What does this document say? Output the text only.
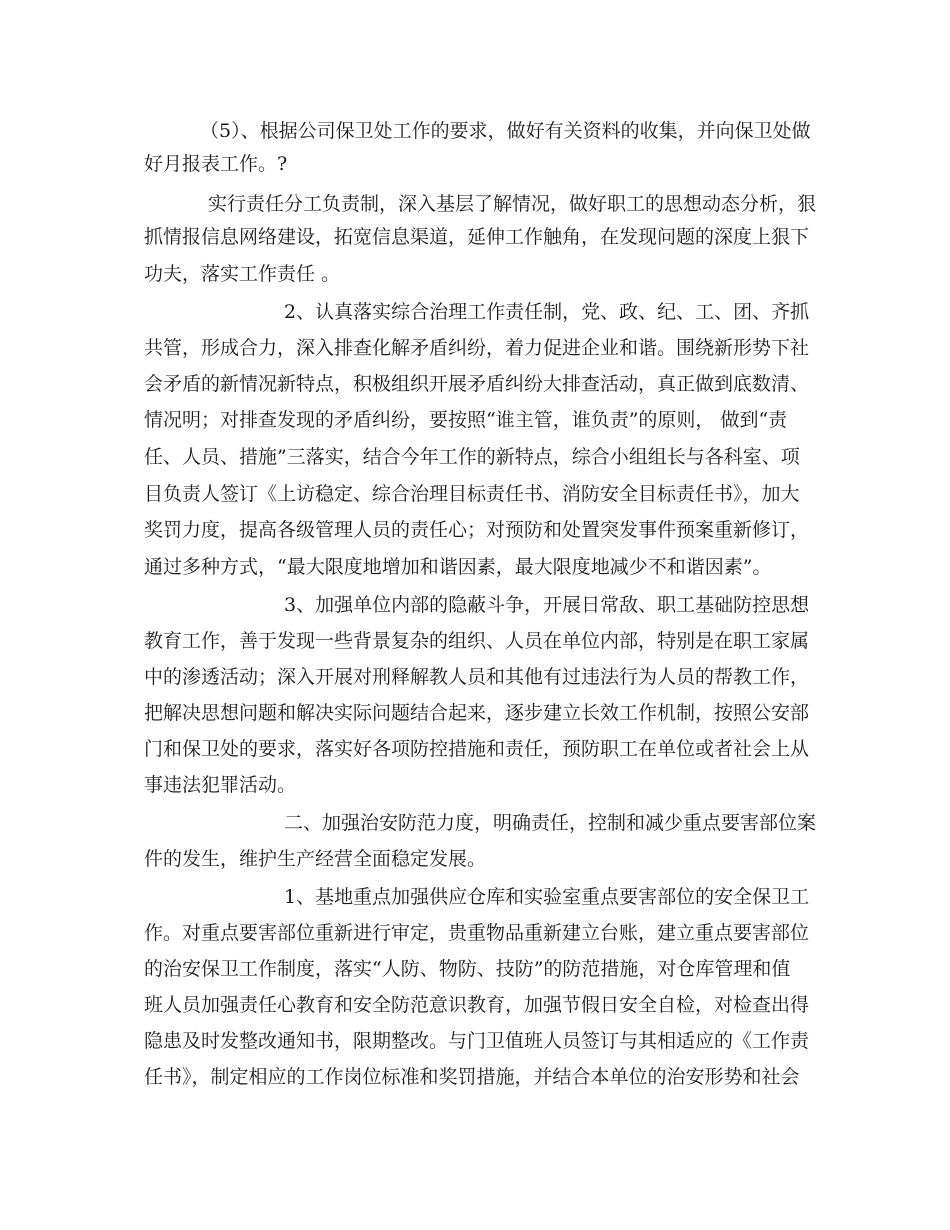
（5）、根据公司保卫处工作的要求，做好有关资料的收集，并向保卫处做
好月报表工作。?
实行责任分工负责制，深入基层了解情况，做好职工的思想动态分析，狠
抓情报信息网络建设，拓宽信息渠道，延伸工作触角，在发现问题的深度上狠下
功夫，落实工作责任 。
2、认真落实综合治理工作责任制，党、政、纪、工、团、齐抓
共管，形成合力，深入排查化解矛盾纠纷，着力促进企业和谐。围绕新形势下社
会矛盾的新情况新特点，积极组织开展矛盾纠纷大排查活动，真正做到底数清、
情况明；对排查发现的矛盾纠纷，要按照“谁主管，谁负责”的原则， 做到“责
任、人员、措施”三落实，结合今年工作的新特点，综合小组组长与各科室、项
目负责人签订《上访稳定、综合治理目标责任书、消防安全目标责任书》，加大
奖罚力度，提高各级管理人员的责任心；对预防和处置突发事件预案重新修订，
通过多种方式，“最大限度地增加和谐因素，最大限度地减少不和谐因素”。
3、加强单位内部的隐蔽斗争，开展日常敌、职工基础防控思想
教育工作，善于发现一些背景复杂的组织、人员在单位内部，特别是在职工家属
中的渗透活动；深入开展对刑释解教人员和其他有过违法行为人员的帮教工作，
把解决思想问题和解决实际问题结合起来，逐步建立长效工作机制，按照公安部
门和保卫处的要求，落实好各项防控措施和责任，预防职工在单位或者社会上从
事违法犯罪活动。
二、加强治安防范力度，明确责任，控制和减少重点要害部位案
件的发生，维护生产经营全面稳定发展。
1、基地重点加强供应仓库和实验室重点要害部位的安全保卫工
作。对重点要害部位重新进行审定，贵重物品重新建立台账，建立重点要害部位
的治安保卫工作制度，落实“人防、物防、技防”的防范措施，对仓库管理和值
班人员加强责任心教育和安全防范意识教育，加强节假日安全自检，对检查出得
隐患及时发整改通知书，限期整改。与门卫值班人员签订与其相适应的《工作责
任书》，制定相应的工作岗位标准和奖罚措施，并结合本单位的治安形势和社会
